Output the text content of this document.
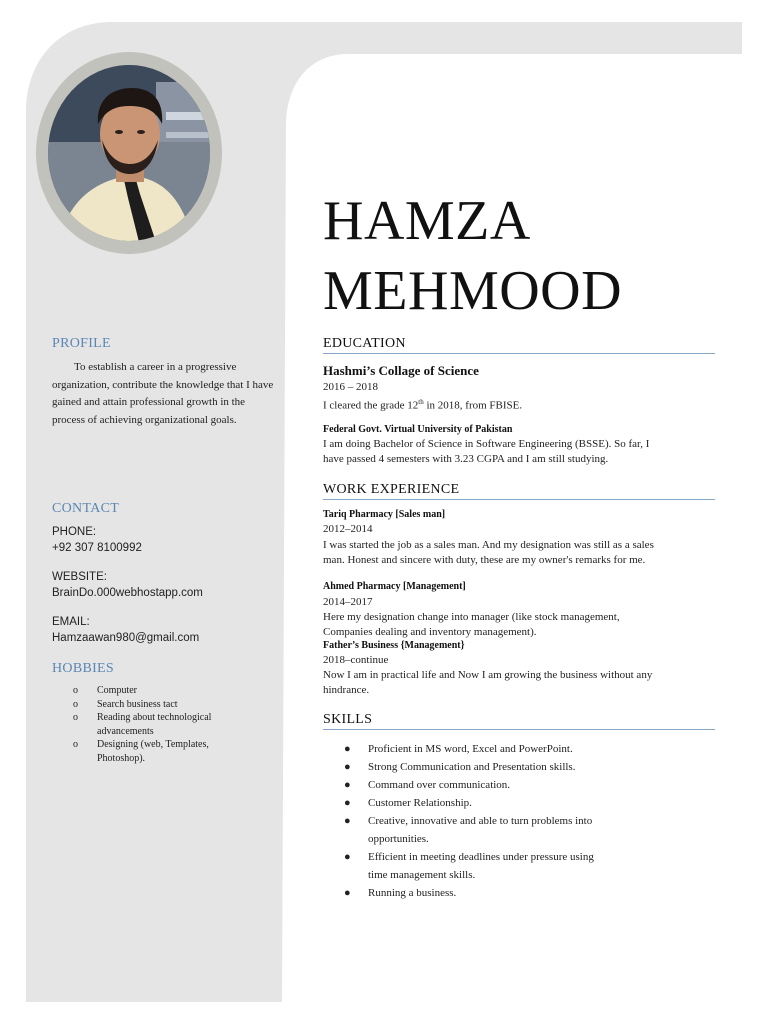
HAMZA
MEHMOOD
PROFILE

To establish a career in a progressive organization, contribute the knowledge that I have gained and attain professional growth in the process of achieving organizational goals.

CONTACT

PHONE:

+92 307 8100992

WEBSITE:

BrainDo.000webhostapp.com

EMAIL:

Hamzaawan980@gmail.com

HOBBIES
o Computer
o Search business tact
o Reading about technological advancements
o Designing (web, Templates, Photoshop).
EDUCATION

Hashmi’s Collage of Science

2016 – 2018

I cleared the grade 12th in 2018, from FBISE.

Federal Govt. Virtual University of Pakistan

I am doing Bachelor of Science in Software Engineering (BSSE). So far, I

have passed 4 semesters with 3.23 CGPA and I am still studying.

WORK EXPERIENCE

Tariq Pharmacy [Sales man]

2012–2014

I was started the job as a sales man. And my designation was still as a sales

man. Honest and sincere with duty, these are my owner's remarks for me.

Ahmed Pharmacy [Management]

2014–2017

Here my designation change into manager (like stock management,

Companies dealing and inventory management).

Father’s Business {Management}

2018–continue

Now I am in practical life and Now I am growing the business without any

hindrance.

SKILLS
● Proficient in MS word, Excel and PowerPoint.
● Strong Communication and Presentation skills.
● Command over communication.
● Customer Relationship.
● Creative, innovative and able to turn problems into
opportunities.
● Efficient in meeting deadlines under pressure using
time management skills.
● Running a business.
